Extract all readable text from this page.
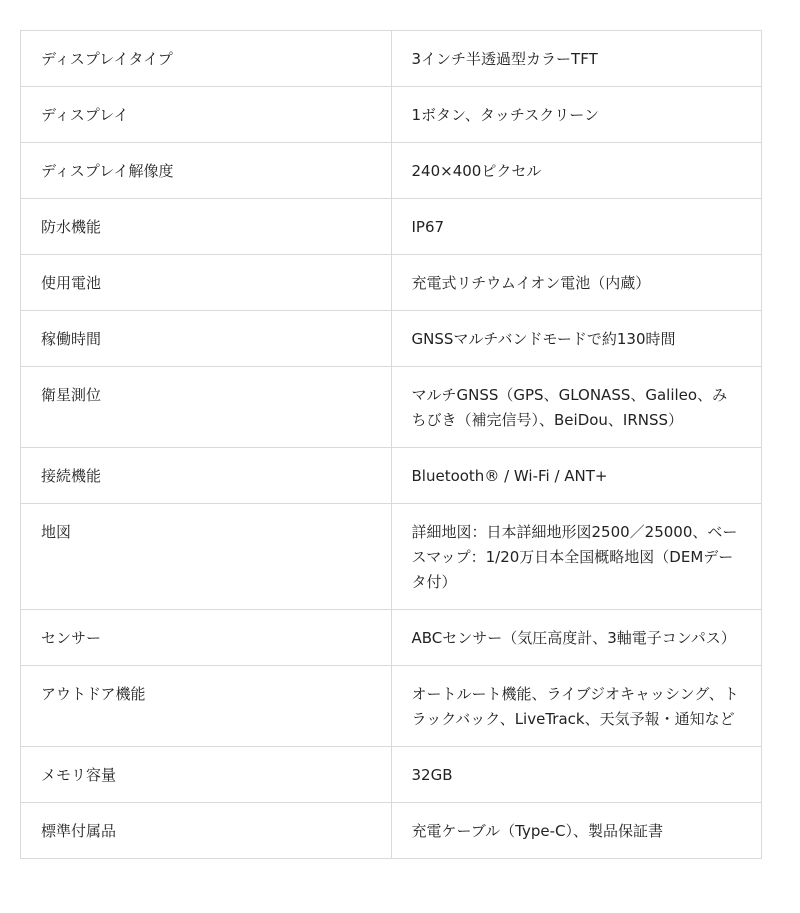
ディスプレイタイプ	3インチ半透過型カラーTFT
ディスプレイ	1ボタン、タッチスクリーン
ディスプレイ解像度	240×400ピクセル
防水機能	IP67
使用電池	充電式リチウムイオン電池（内蔵）
稼働時間	GNSSマルチバンドモードで約130時間
衛星測位	マルチGNSS（GPS、GLONASS、Galileo、みちびき（補完信号）、BeiDou、IRNSS）
接続機能	Bluetooth® / Wi-Fi / ANT+
地図	詳細地図：日本詳細地形図2500／25000、ベースマップ：1/20万日本全国概略地図（DEMデータ付）
センサー	ABCセンサー（気圧高度計、3軸電子コンパス）
アウトドア機能	オートルート機能、ライブジオキャッシング、トラックバック、LiveTrack、天気予報・通知など
メモリ容量	32GB
標準付属品	充電ケーブル（Type-C）、製品保証書
